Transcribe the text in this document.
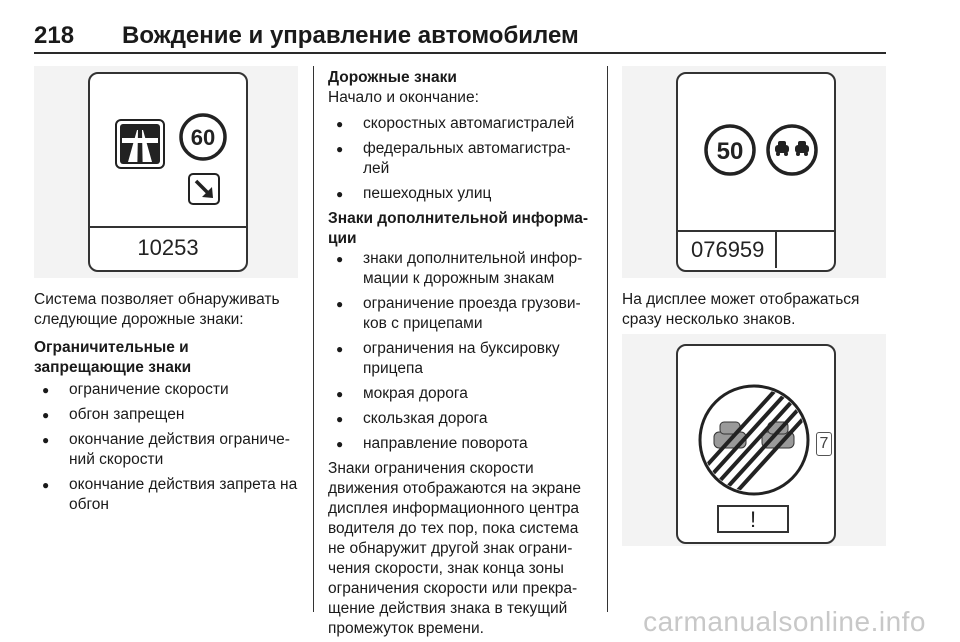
218 Вождение и управление автомобилем
60
10253

Система позволяет обнаруживать следующие дорожные знаки:

Ограничительные и запрещающие знаки

● ограничение скорости
● обгон запрещен
● окончание действия ограниче-ний скорости
● окончание действия запрета на обгон

Дорожные знаки

Начало и окончание:

● скоростных автомагистралей
● федеральных автомагистра-лей
● пешеходных улиц

Знаки дополнительной информа-ции

● знаки дополнительной инфор-мации к дорожным знакам
● ограничение проезда грузови-ков с прицепами
● ограничения на буксировку прицепа
● мокрая дорога
● скользкая дорога
● направление поворота

Знаки ограничения скорости движения отображаются на экране дисплея информационного центра водителя до тех пор, пока система не обнаружит другой знак ограни-чения скорости, знак конца зоны ограничения скорости или прекра-щение действия знака в текущий промежуток времени.

50
076959

На дисплее может отображаться сразу несколько знаков.

!
7
carmanualsonline.info
